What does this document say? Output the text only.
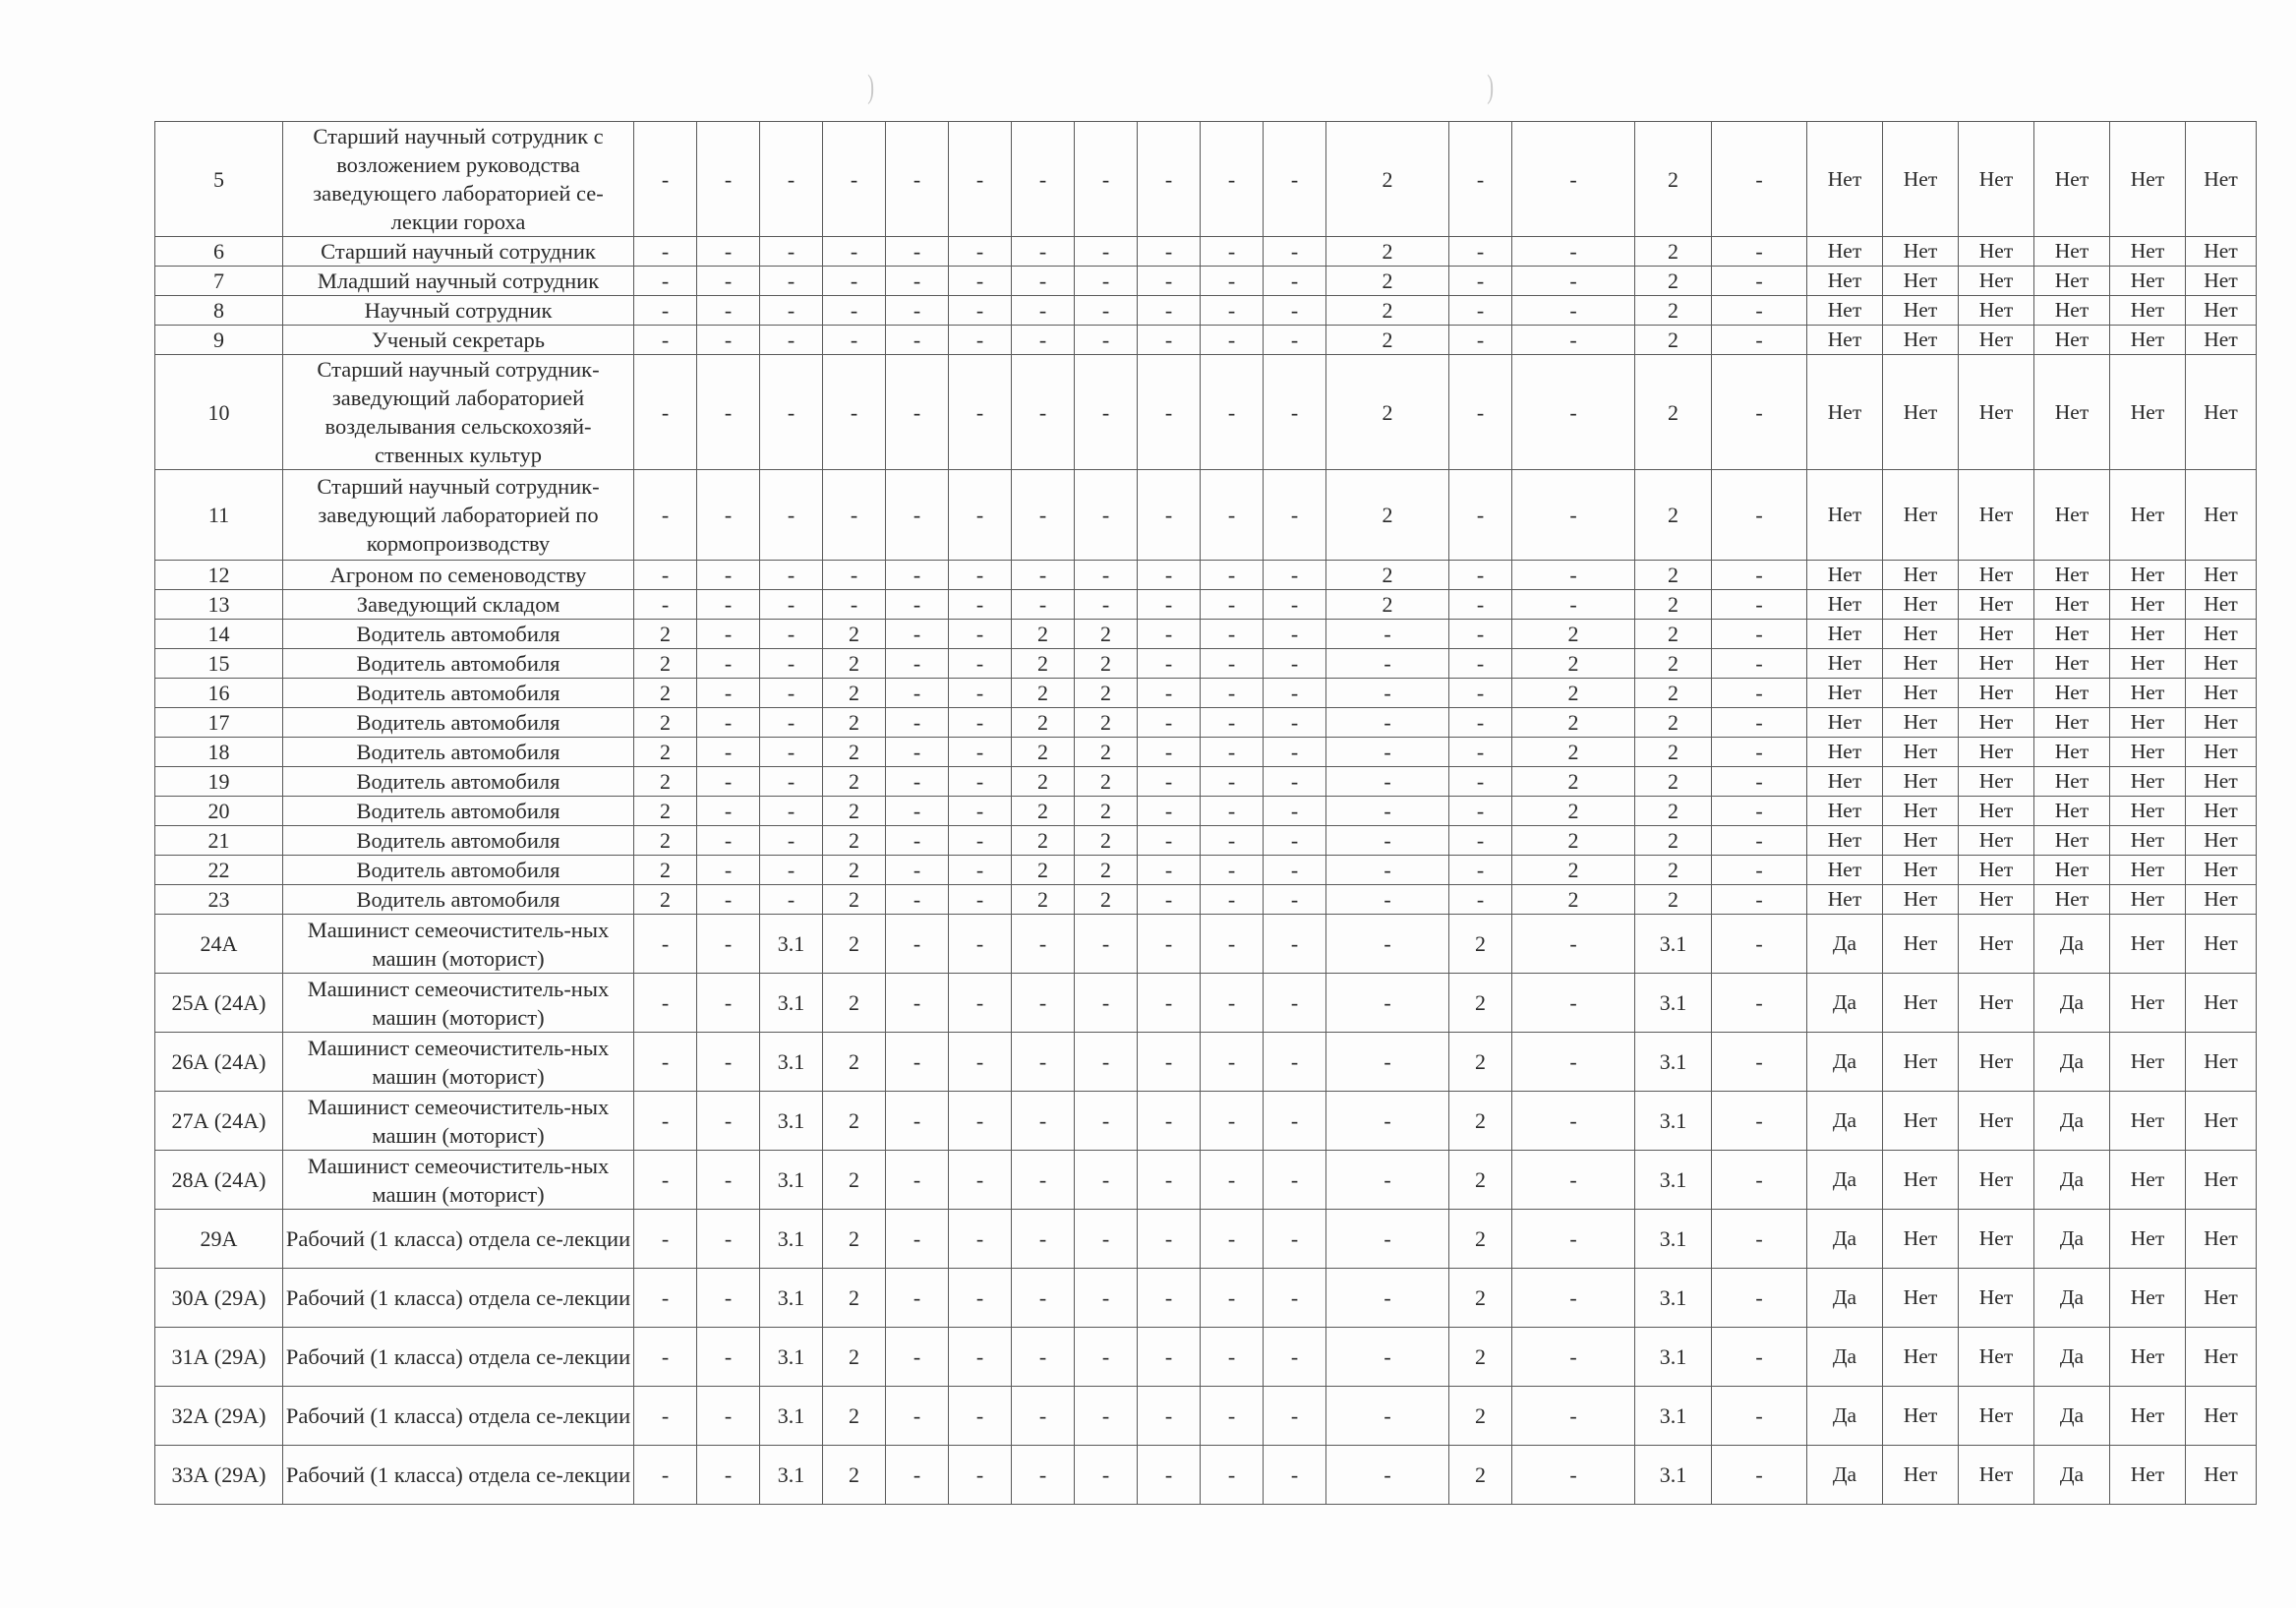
)	)
5	Старший научный сотрудник с возложением руководства заведующего лабораторией се-лекции гороха	-	-	-	-	-	-	-	-	-	-	-	2	-	-	2	-	Нет	Нет	Нет	Нет	Нет	Нет
6	Старший научный сотрудник	-	-	-	-	-	-	-	-	-	-	-	2	-	-	2	-	Нет	Нет	Нет	Нет	Нет	Нет
7	Младший научный сотрудник	-	-	-	-	-	-	-	-	-	-	-	2	-	-	2	-	Нет	Нет	Нет	Нет	Нет	Нет
8	Научный сотрудник	-	-	-	-	-	-	-	-	-	-	-	2	-	-	2	-	Нет	Нет	Нет	Нет	Нет	Нет
9	Ученый секретарь	-	-	-	-	-	-	-	-	-	-	-	2	-	-	2	-	Нет	Нет	Нет	Нет	Нет	Нет
10	Старший научный сотрудник-заведующий лабораторией возделывания сельскохозяй-ственных культур	-	-	-	-	-	-	-	-	-	-	-	2	-	-	2	-	Нет	Нет	Нет	Нет	Нет	Нет
11	Старший научный сотрудник-заведующий лабораторией по кормопроизводству	-	-	-	-	-	-	-	-	-	-	-	2	-	-	2	-	Нет	Нет	Нет	Нет	Нет	Нет
12	Агроном по семеноводству	-	-	-	-	-	-	-	-	-	-	-	2	-	-	2	-	Нет	Нет	Нет	Нет	Нет	Нет
13	Заведующий складом	-	-	-	-	-	-	-	-	-	-	-	2	-	-	2	-	Нет	Нет	Нет	Нет	Нет	Нет
14	Водитель автомобиля	2	-	-	2	-	-	2	2	-	-	-	-	-	2	2	-	Нет	Нет	Нет	Нет	Нет	Нет
15	Водитель автомобиля	2	-	-	2	-	-	2	2	-	-	-	-	-	2	2	-	Нет	Нет	Нет	Нет	Нет	Нет
16	Водитель автомобиля	2	-	-	2	-	-	2	2	-	-	-	-	-	2	2	-	Нет	Нет	Нет	Нет	Нет	Нет
17	Водитель автомобиля	2	-	-	2	-	-	2	2	-	-	-	-	-	2	2	-	Нет	Нет	Нет	Нет	Нет	Нет
18	Водитель автомобиля	2	-	-	2	-	-	2	2	-	-	-	-	-	2	2	-	Нет	Нет	Нет	Нет	Нет	Нет
19	Водитель автомобиля	2	-	-	2	-	-	2	2	-	-	-	-	-	2	2	-	Нет	Нет	Нет	Нет	Нет	Нет
20	Водитель автомобиля	2	-	-	2	-	-	2	2	-	-	-	-	-	2	2	-	Нет	Нет	Нет	Нет	Нет	Нет
21	Водитель автомобиля	2	-	-	2	-	-	2	2	-	-	-	-	-	2	2	-	Нет	Нет	Нет	Нет	Нет	Нет
22	Водитель автомобиля	2	-	-	2	-	-	2	2	-	-	-	-	-	2	2	-	Нет	Нет	Нет	Нет	Нет	Нет
23	Водитель автомобиля	2	-	-	2	-	-	2	2	-	-	-	-	-	2	2	-	Нет	Нет	Нет	Нет	Нет	Нет
24А	Машинист семеочиститель-ных машин (моторист)	-	-	3.1	2	-	-	-	-	-	-	-	-	2	-	3.1	-	Да	Нет	Нет	Да	Нет	Нет
25А (24А)	Машинист семеочиститель-ных машин (моторист)	-	-	3.1	2	-	-	-	-	-	-	-	-	2	-	3.1	-	Да	Нет	Нет	Да	Нет	Нет
26А (24А)	Машинист семеочиститель-ных машин (моторист)	-	-	3.1	2	-	-	-	-	-	-	-	-	2	-	3.1	-	Да	Нет	Нет	Да	Нет	Нет
27А (24А)	Машинист семеочиститель-ных машин (моторист)	-	-	3.1	2	-	-	-	-	-	-	-	-	2	-	3.1	-	Да	Нет	Нет	Да	Нет	Нет
28А (24А)	Машинист семеочиститель-ных машин (моторист)	-	-	3.1	2	-	-	-	-	-	-	-	-	2	-	3.1	-	Да	Нет	Нет	Да	Нет	Нет
29А	Рабочий (1 класса) отдела се-лекции	-	-	3.1	2	-	-	-	-	-	-	-	-	2	-	3.1	-	Да	Нет	Нет	Да	Нет	Нет
30А (29А)	Рабочий (1 класса) отдела се-лекции	-	-	3.1	2	-	-	-	-	-	-	-	-	2	-	3.1	-	Да	Нет	Нет	Да	Нет	Нет
31А (29А)	Рабочий (1 класса) отдела се-лекции	-	-	3.1	2	-	-	-	-	-	-	-	-	2	-	3.1	-	Да	Нет	Нет	Да	Нет	Нет
32А (29А)	Рабочий (1 класса) отдела се-лекции	-	-	3.1	2	-	-	-	-	-	-	-	-	2	-	3.1	-	Да	Нет	Нет	Да	Нет	Нет
33А (29А)	Рабочий (1 класса) отдела се-лекции	-	-	3.1	2	-	-	-	-	-	-	-	-	2	-	3.1	-	Да	Нет	Нет	Да	Нет	Нет
